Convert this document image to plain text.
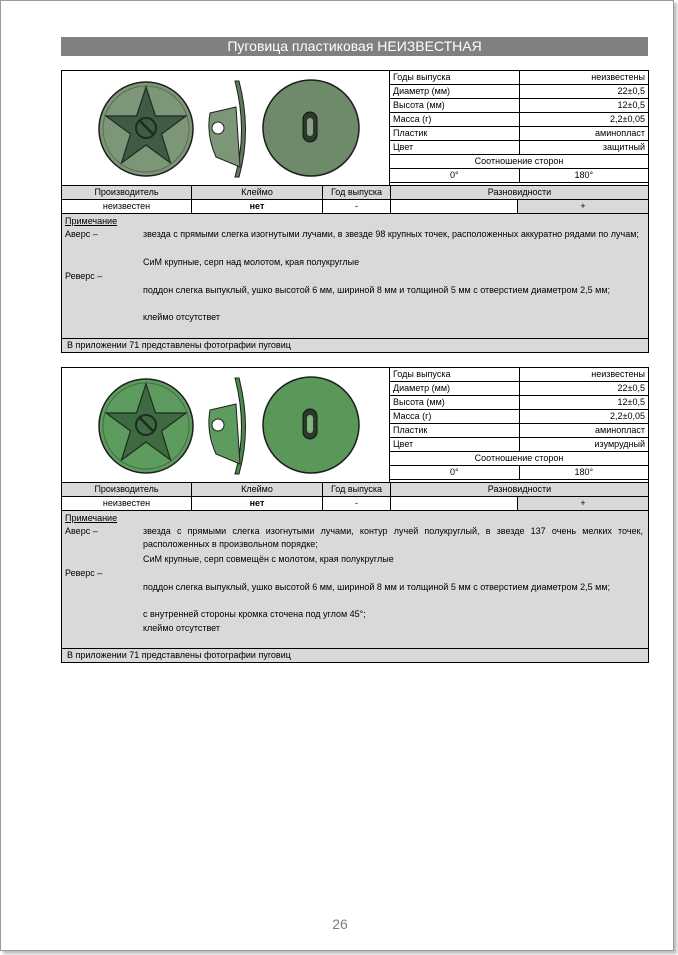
Пуговица пластиковая НЕИЗВЕСТНАЯ
Годы выпуска	неизвестены
Диаметр (мм)	22±0,5
Высота (мм)	12±0,5
Масса (г)	2,2±0,05
Пластик	аминопласт
Цвет	защитный
Соотношение сторон	
0°	180°
Производитель	Клеймо	Год выпуска	Разновидности	
неизвестен	нет	-		+
Примечание
Аверс –	звезда с прямыми слегка изогнутыми лучами, в звезде 98 крупных точек, расположенных аккуратно рядами по лучам;
СиМ крупные, серп над молотом, края полукруглые
Реверс –
поддон слегка выпуклый, ушко высотой 6 мм, шириной 8 мм и толщиной 5 мм с отверстием диаметром 2,5 мм;
клеймо отсутствет
В приложении 71 представлены фотографии пуговиц
Годы выпуска	неизвестены
Диаметр (мм)	22±0,5
Высота (мм)	12±0,5
Масса (г)	2,2±0,05
Пластик	аминопласт
Цвет	изумрудный
Соотношение сторон	
0°	180°
Производитель	Клеймо	Год выпуска	Разновидности	
неизвестен	нет	-		+
Примечание
Аверс –	звезда с прямыми слегка изогнутыми лучами, контур лучей полукруглый, в звезде 137 очень мелких точек, расположенных в произвольном порядке;
СиМ крупные, серп совмещён с молотом, края полукруглые
Реверс –
поддон слегка выпуклый, ушко высотой 6 мм, шириной 8 мм и толщиной 5 мм с отверстием диаметром 2,5 мм;
с внутренней стороны кромка сточена под углом 45°;
клеймо отсутствет
В приложении 71 представлены фотографии пуговиц
26
